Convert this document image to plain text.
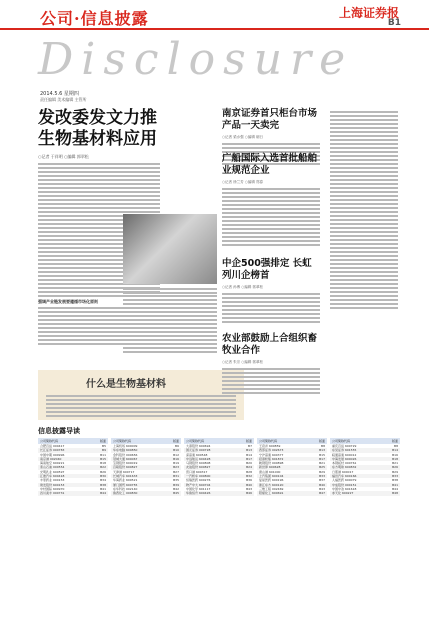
公司·信息披露	上海证券报
B1
Disclosure
2014.5.6 星期四
责任编辑 美术编辑 主管所
发改委发文力推生物基材料应用
○记者 于祥明 ○编辑 郭翠松
强调产业链发展要遵循市场化原则
什么是生物基材料
南京证券首只柜台市场产品一天卖完
○记者 梁水强 ○编辑 朝日
广船国际入选首批船舶业规范企业
○记者 徐兰芳 ○编辑 郑春
中企500强排定 长虹列川企榜首
○记者 孙博 ○编辑 郭翠松
农业部鼓励上合组织畜牧业合作
○记者 朱宗 ○编辑 郭翠松
信息披露导读
公司简称代码	版面
合肥百货 000417	B5
长江证券 000783	B9
中国中期 000996	B11
南京港 002040	B15
海南航空 600221	B18
泰山石油 000554	B22
光明乳业 600597	B26
江淮汽车 600418	B30
丰原药业 000153	B34
建发股份 600153	B38
中材国际 600970	B41
四川美丰 000731	B44
公司简称代码	版面
上海机场 600009	B6
华东电脑 600850	B10
金科股份 000656	B12
冠城大通 600067	B16
宝钢股份 600019	B19
百联股份 600827	B23
天津港 600717	B27
长城汽车 601633	B31
华海药业 600521	B35
厦门国贸 600755	B39
东华科技 002140	B42
鲁西化工 000830	B45
公司简称代码	版面
大商股份 600694	B7
国元证券 000728	B13
深高速 600548	B14
中远航运 600428	B17
马钢股份 600808	B20
友谊股份 600827	B24
营口港 600317	B28
一汽轿车 000800	B32
恒瑞医药 600276	B36
物产中大 600704	B40
中国化学 601117	B43
华鲁恒升 600426	B46
公司简称代码	版面
王府井 600859	B8
西部证券 002673	B13
宁沪高速 600377	B15
招商轮船 601872	B17
鞍钢股份 000898	B21
新世界 600628	B25
唐山港 601000	B29
上汽集团 600104	B33
复星医药 600196	B37
浙江东方 600120	B40
三维工程 002469	B43
阳煤化工 600691	B47
公司简称代码	版面
重庆百货 600729	B8
东吴证券 601555	B14
皖通高速 600012	B16
中海发展 600026	B18
本钢板材 000761	B21
东方明珠 600832	B26
日照港 600017	B29
福田汽车 600166	B33
人福医药 600079	B38
中成股份 000151	B41
中国中冶 601618	B44
赤天化 600227	B48
